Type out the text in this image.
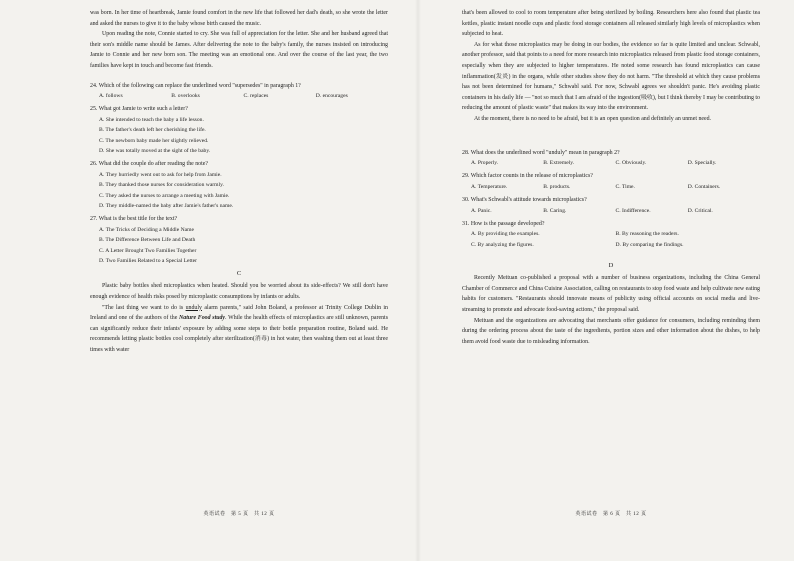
was born. In her time of heartbreak, Jamie found comfort in the new life that followed her dad's death, so she wrote the letter and asked the nurses to give it to the baby whose birth caused the music.

Upon reading the note, Connie started to cry. She was full of appreciation for the letter. She and her husband agreed that their son's middle name should be James. After delivering the note to the baby's family, the nurses insisted on introducing Jamie to Connie and her new born son. The meeting was an emotional one. And over the course of the last year, the two families have kept in touch and become fast friends.

24. Which of the following can replace the underlined word "supersedes" in paragraph 1?
A. follows	B. overlooks	C. replaces	D. encourages
25. What got Jamie to write such a letter?
A. She intended to teach the baby a life lesson.
B. The father's death left her cherishing the life.
C. The newborn baby made her slightly relieved.
D. She was totally moved at the sight of the baby.
26. What did the couple do after reading the note?
A. They hurriedly went out to ask for help from Jamie.
B. They thanked those nurses for consideration warmly.
C. They asked the nurses to arrange a meeting with Jamie.
D. They middle-named the baby after Jamie's father's name.
27. What is the best title for the text?
A. The Tricks of Deciding a Middle Name
B. The Difference Between Life and Death
C. A Letter Brought Two Families Together
D. Two Families Related to a Special Letter
C

Plastic baby bottles shed microplastics when heated. Should you be worried about its side-effects? We still don't have enough evidence of health risks posed by microplastic consumptions by infants or adults.

"The last thing we want to do is unduly alarm parents," said John Boland, a professor at Trinity College Dublin in Ireland and one of the authors of the Nature Food study. While the health effects of microplastics are still unknown, parents can significantly reduce their infants' exposure by adding some steps to their bottle preparation routine, Boland said. He recommends letting plastic bottles cool completely after sterilization(消毒) in hot water, then washing them out at least three times with water

英语试卷　第 5 页　共 12 页

that's been allowed to cool to room temperature after being sterilized by boiling. Researchers here also found that plastic tea kettles, plastic instant noodle cups and plastic food storage containers all released similarly high levels of microplastics when subjected to heat.

As for what those microplastics may be doing in our bodies, the evidence so far is quite limited and unclear. Schwabl, another professor, said that points to a need for more research into microplastics released from plastic food storage containers, especially when they are subjected to higher temperatures. He noted some research has found microplastics can cause inflammation(发炎) in the organs, while other studies show they do not harm. "The threshold at which they cause problems has not been determined for humans," Schwabl said. For now, Schwabl agrees we shouldn't panic. He's avoiding plastic containers in his daily life — "not so much that I am afraid of the ingestion(吸收), but I think thereby I may be contributing to reducing the amount of plastic waste" that makes its way into the environment.

At the moment, there is no need to be afraid, but it is an open question and definitely an unmet need.

28. What does the underlined word "unduly" mean in paragraph 2?
A. Properly.	B. Extremely.	C. Obviously.	D. Specially.
29. Which factor counts in the release of microplastics?
A. Temperature.	B. products.	C. Time.	D. Containers.
30. What's Schwabl's attitude towards microplastics?
A. Panic.	B. Caring.	C. Indifference.	D. Critical.
31. How is the passage developed?
A. By providing the examples.	B. By reasoning the readers.
C. By analyzing the figures.	D. By comparing the findings.
D

Recently Meituan co-published a proposal with a number of business organizations, including the China General Chamber of Commerce and China Cuisine Association, calling on restaurants to stop food waste and help cultivate new eating habits for customers. "Restaurants should innovate means of publicity using official accounts on social media and live-streaming to promote and advocate food-saving actions," the proposal said.

Meituan and the organizations are advocating that merchants offer guidance for consumers, including reminding them during the ordering process about the taste of the ingredients, portion sizes and other information about the dishes, to help them avoid food waste due to misleading information.

英语试卷　第 6 页　共 12 页
